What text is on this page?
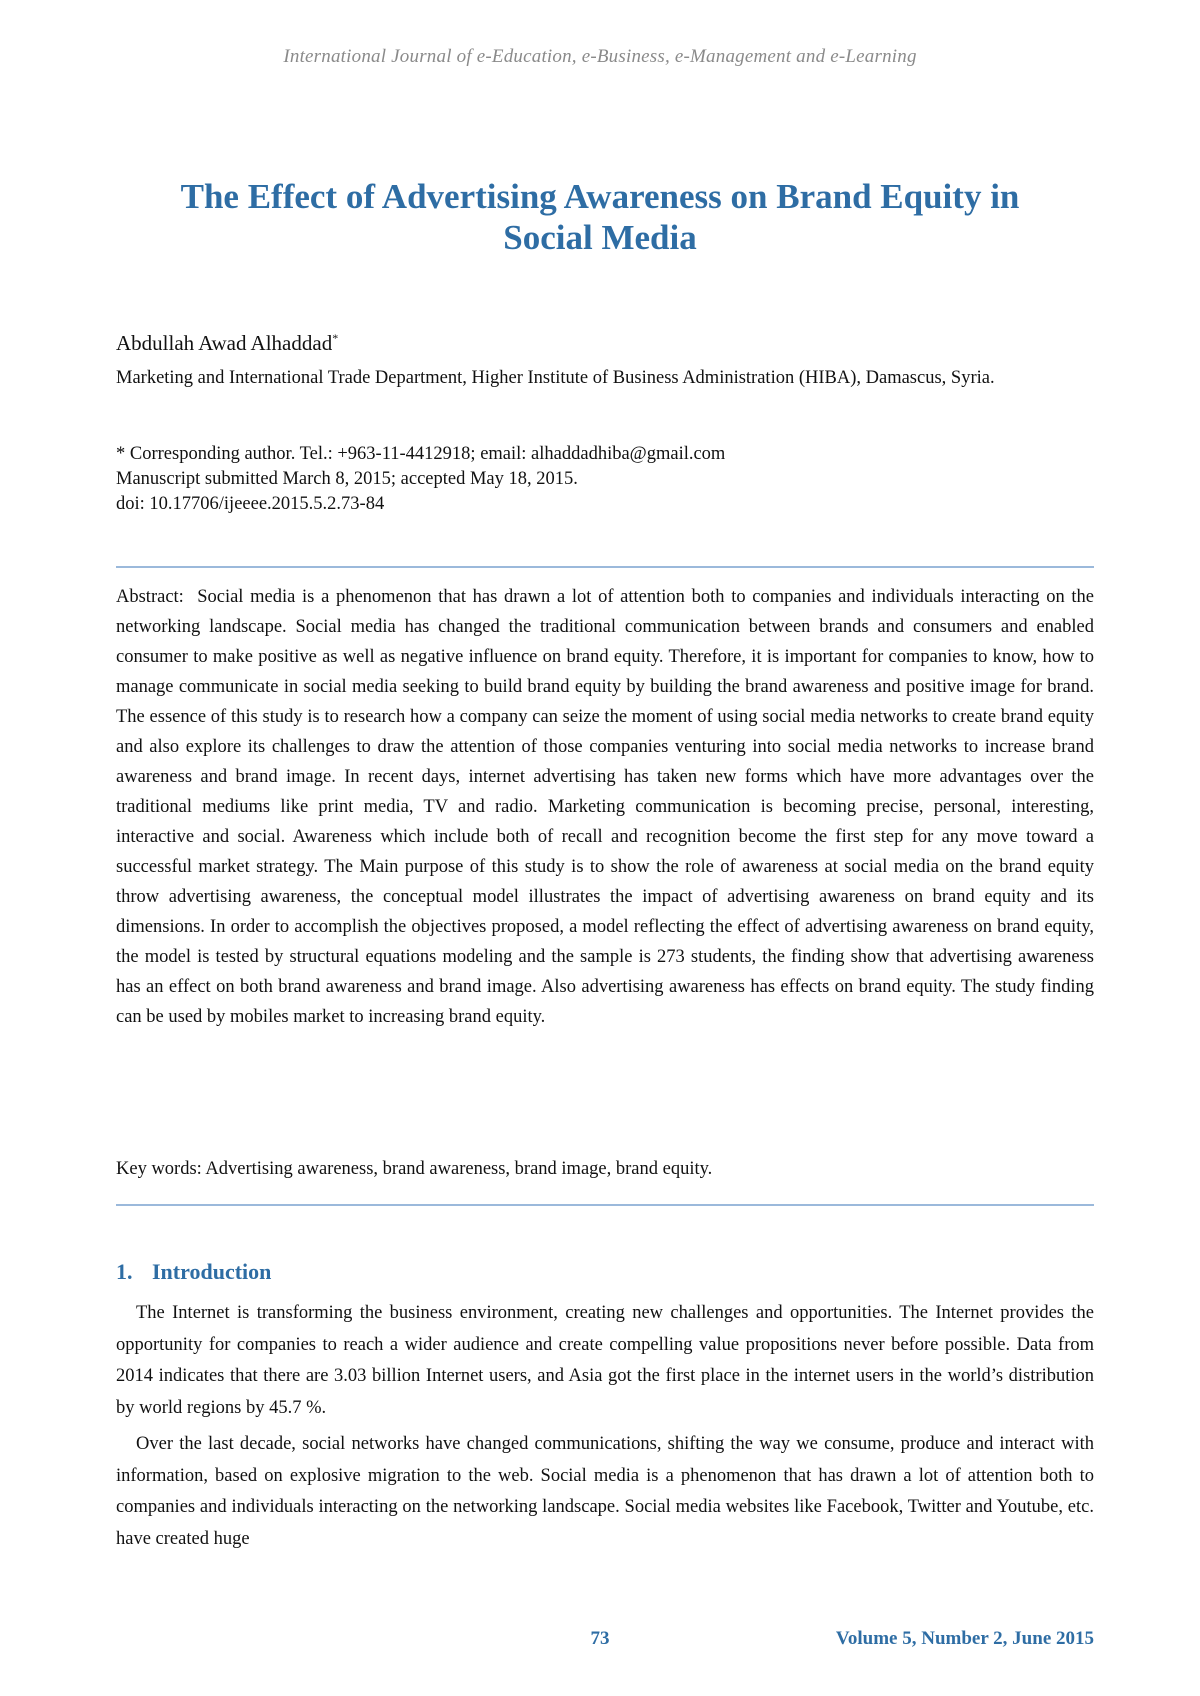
International Journal of e-Education, e-Business, e-Management and e-Learning
The Effect of Advertising Awareness on Brand Equity in
Social Media
Abdullah Awad Alhaddad*
Marketing and International Trade Department, Higher Institute of Business Administration (HIBA), Damascus, Syria.
* Corresponding author. Tel.: +963-11-4412918; email: alhaddadhiba@gmail.com
Manuscript submitted March 8, 2015; accepted May 18, 2015.
doi: 10.17706/ijeeee.2015.5.2.73-84

Abstract: Social media is a phenomenon that has drawn a lot of attention both to companies and individuals interacting on the networking landscape. Social media has changed the traditional communication between brands and consumers and enabled consumer to make positive as well as negative influence on brand equity. Therefore, it is important for companies to know, how to manage communicate in social media seeking to build brand equity by building the brand awareness and positive image for brand. The essence of this study is to research how a company can seize the moment of using social media networks to create brand equity and also explore its challenges to draw the attention of those companies venturing into social media networks to increase brand awareness and brand image. In recent days, internet advertising has taken new forms which have more advantages over the traditional mediums like print media, TV and radio. Marketing communication is becoming precise, personal, interesting, interactive and social. Awareness which include both of recall and recognition become the first step for any move toward a successful market strategy. The Main purpose of this study is to show the role of awareness at social media on the brand equity throw advertising awareness, the conceptual model illustrates the impact of advertising awareness on brand equity and its dimensions. In order to accomplish the objectives proposed, a model reflecting the effect of advertising awareness on brand equity, the model is tested by structural equations modeling and the sample is 273 students, the finding show that advertising awareness has an effect on both brand awareness and brand image. Also advertising awareness has effects on brand equity. The study finding can be used by mobiles market to increasing brand equity.

Key words: Advertising awareness, brand awareness, brand image, brand equity.

1. Introduction

The Internet is transforming the business environment, creating new challenges and opportunities. The Internet provides the opportunity for companies to reach a wider audience and create compelling value propositions never before possible. Data from 2014 indicates that there are 3.03 billion Internet users, and Asia got the first place in the internet users in the world’s distribution by world regions by 45.7 %.

Over the last decade, social networks have changed communications, shifting the way we consume, produce and interact with information, based on explosive migration to the web. Social media is a phenomenon that has drawn a lot of attention both to companies and individuals interacting on the networking landscape. Social media websites like Facebook, Twitter and Youtube, etc. have created huge

73	Volume 5, Number 2, June 2015
